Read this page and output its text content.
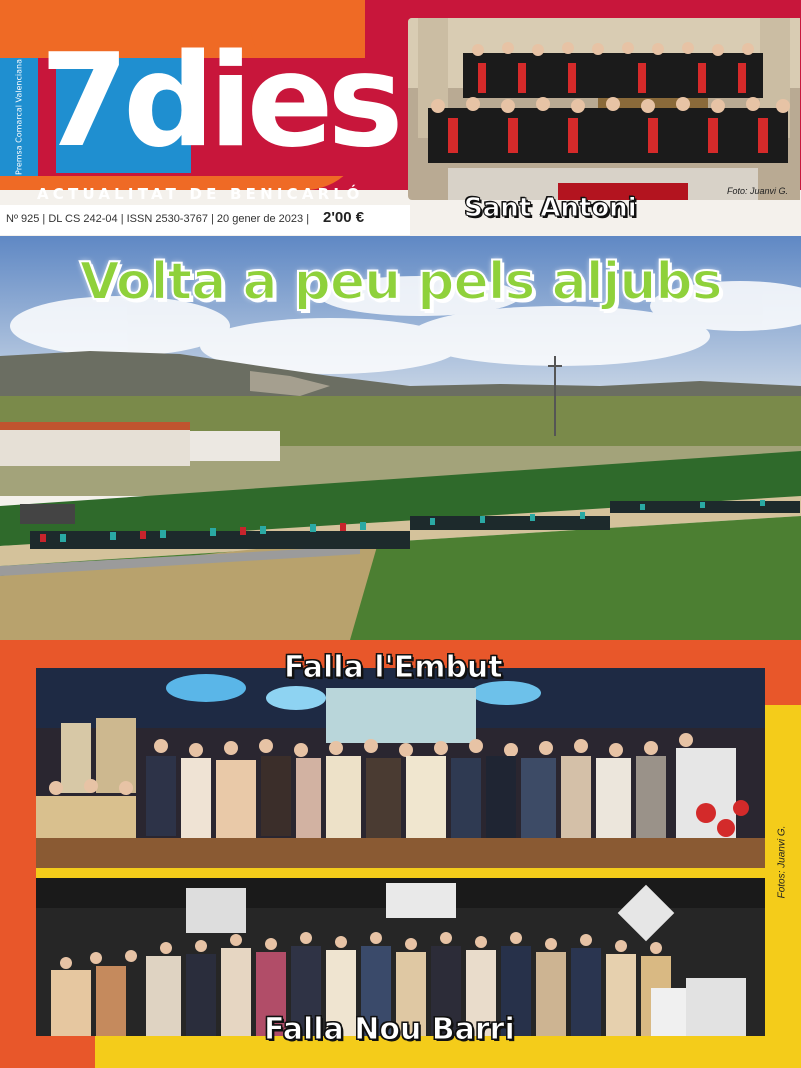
Premsa Comarcal Valenciana 7dies
ACTUALITAT DE BENICARLÓ
Nº 925 | DL CS 242-04 | ISSN 2530-3767 | 20 gener de 2023 | 2'00 €
Foto: Juanvi G.
Sant Antoni
Volta a peu pels aljubs
Falla l'Embut
Falla Nou Barri
Fotos: Juanvi G.
